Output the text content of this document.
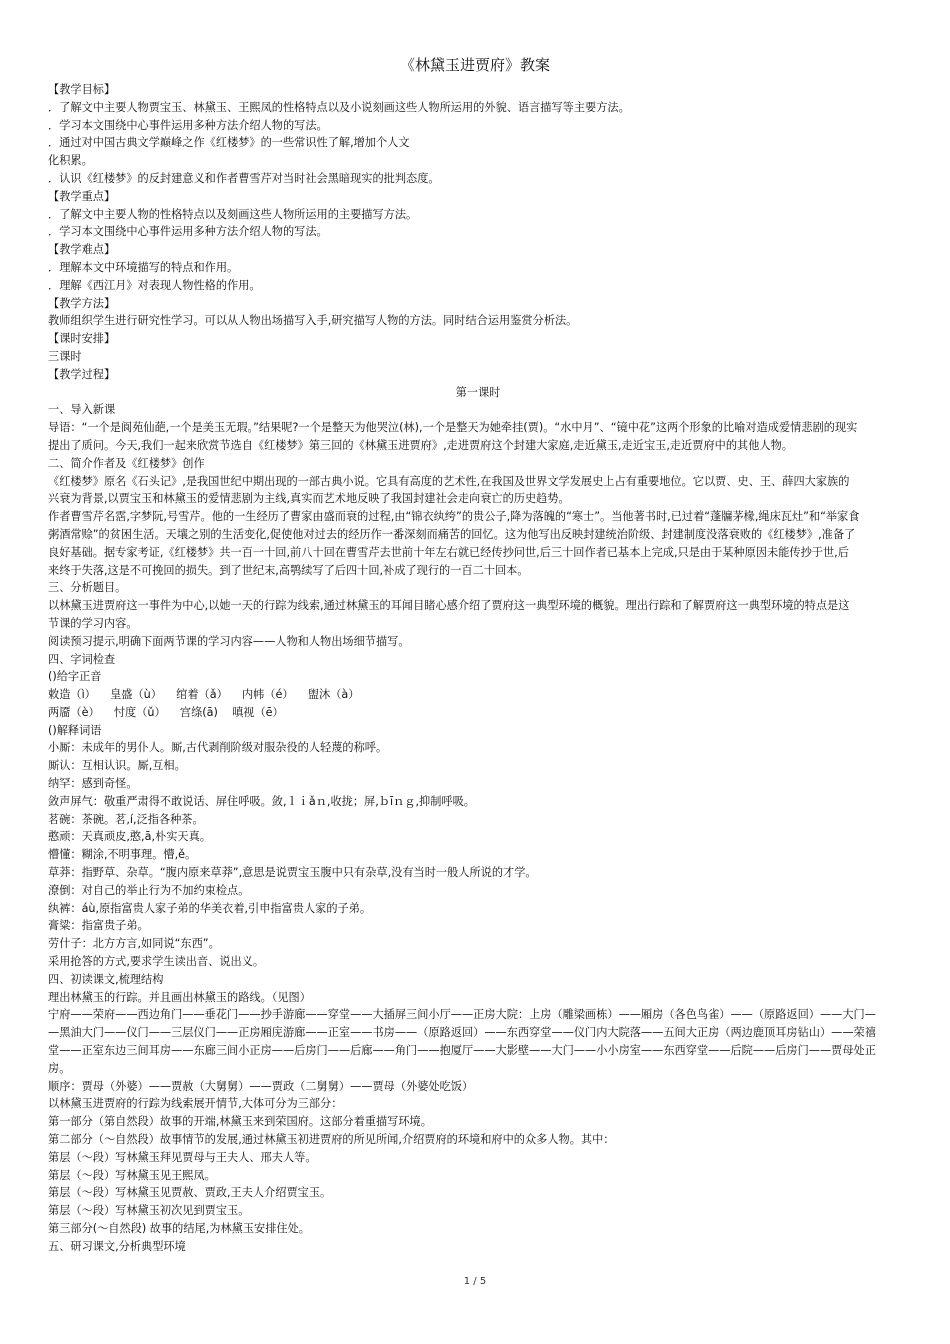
《林黛玉进贾府》教案
【教学目标】
．了解文中主要人物贾宝玉、林黛玉、王熙凤的性格特点以及小说刻画这些人物所运用的外貌、语言描写等主要方法。
．学习本文围绕中心事件运用多种方法介绍人物的写法。
．通过对中国古典文学巅峰之作《红楼梦》的一些常识性了解,增加个人文
化积累。
．认识《红楼梦》的反封建意义和作者曹雪芹对当时社会黑暗现实的批判态度。
【教学重点】
．了解文中主要人物的性格特点以及刻画这些人物所运用的主要描写方法。
．学习本文围绕中心事件运用多种方法介绍人物的写法。
【教学难点】
．理解本文中环境描写的特点和作用。
．理解《西江月》对表现人物性格的作用。
【教学方法】
教师组织学生进行研究性学习。可以从人物出场描写入手,研究描写人物的方法。同时结合运用鉴赏分析法。
【课时安排】
三课时
【教学过程】
第一课时
一、导入新课
导语：“一个是阆苑仙葩,一个是美玉无瑕。”结果呢?一个是整天为他哭泣(林),一个是整天为她牵挂(贾)。“水中月”、“镜中花”这两个形象的比喻对造成爱情悲剧的现实
提出了质问。今天,我们一起来欣赏节选自《红楼梦》第三回的《林黛玉进贾府》,走进贾府这个封建大家庭,走近黛玉,走近宝玉,走近贾府中的其他人物。
二、简介作者及《红楼梦》创作
《红楼梦》原名《石头记》,是我国世纪中期出现的一部古典小说。它具有高度的艺术性,在我国及世界文学发展史上占有重要地位。它以贾、史、王、薛四大家族的
兴衰为背景,以贾宝玉和林黛玉的爱情悲剧为主线,真实而艺术地反映了我国封建社会走向衰亡的历史趋势。
作者曹雪芹名霑,字梦阮,号雪芹。他的一生经历了曹家由盛而衰的过程,由“锦衣纨绔”的贵公子,降为落魄的“寒士”。当他著书时,已过着“蓬牖茅椽,绳床瓦灶”和“举家食
粥酒常赊”的贫困生活。天壤之别的生活变化,促使他对过去的经历作一番深刻而痛苦的回忆。这为他写出反映封建统治阶级、封建制度没落衰败的《红楼梦》,准备了
良好基础。据专家考证,《红楼梦》共一百一十回,前八十回在曹雪芹去世前十年左右就已经传抄问世,后三十回作者已基本上完成,只是由于某种原因未能传抄于世,后
来终于失落,这是不可挽回的损失。到了世纪末,高鹗续写了后四十回,补成了现行的一百二十回本。
三、分析题目。
以林黛玉进贾府这一事件为中心,以她一天的行踪为线索,通过林黛玉的耳闻目睹心感介绍了贾府这一典型环境的概貌。理出行踪和了解贾府这一典型环境的特点是这
节课的学习内容。
阅读预习提示,明确下面两节课的学习内容——人物和人物出场细节描写。
四、字词检查
()给字正音
敕造（ì）    皇盛（ù）    绾着（ǎ）    内帏（é）    盥沐（à）
两靥（è）    忖度（ǔ）    宫绦(ā)    嗔视（ē）
()解释词语
小厮：未成年的男仆人。厮,古代剥削阶级对服杂役的人轻蔑的称呼。
厮认：互相认识。厮,互相。
纳罕：感到奇怪。
敛声屏气：敬重严肃得不敢说话、屏住呼吸。敛,ｌｉǎｎ,收拢；屏,ｂīｎｇ,抑制呼吸。
茗碗：茶碗。茗,í,泛指各种茶。
憨顽：天真顽皮,憨,ā,朴实天真。
懵懂：糊涂,不明事理。懵,ě。
草莽：指野草、杂草。“腹内原来草莽”,意思是说贾宝玉腹中只有杂草,没有当时一般人所说的才学。
潦倒：对自己的举止行为不加约束检点。
纨裤：áù,原指富贵人家子弟的华美衣着,引申指富贵人家的子弟。
膏粱：指富贵子弟。
劳什子：北方方言,如同说“东西”。
采用抢答的方式,要求学生读出音、说出义。
四、初读课文,梳理结构
理出林黛玉的行踪。并且画出林黛玉的路线。（见图）
宁府——荣府——西边角门——垂花门——抄手游廊——穿堂——大插屏三间小厅——正房大院：上房（雕梁画栋）——厢房（各色鸟雀）——（原路返回）——大门—
—黑油大门——仪门——三层仪门——正房厢庑游廊——正室——书房——（原路返回）——东西穿堂——仪门内大院落——五间大正房（两边鹿顶耳房钻山）——荣禧
堂——正室东边三间耳房——东廊三间小正房——后房门——后廊——角门——抱厦厅——大影壁——大门——小小房室——东西穿堂——后院——后房门——贾母处正
房。
顺序：贾母（外婆）——贾赦（大舅舅）——贾政（二舅舅）——贾母（外婆处吃饭）
以林黛玉进贾府的行踪为线索展开情节,大体可分为三部分：
第一部分（第自然段）故事的开端,林黛玉来到荣国府。这部分着重描写环境。
第二部分（～自然段）故事情节的发展,通过林黛玉初进贾府的所见所闻,介绍贾府的环境和府中的众多人物。其中：
第层（～段）写林黛玉拜见贾母与王夫人、邢夫人等。
第层（～段）写林黛玉见王熙凤。
第层（～段）写林黛玉见贾赦、贾政,王夫人介绍贾宝玉。
第层（～段）写林黛玉初次见到贾宝玉。
第三部分(～自然段) 故事的结尾,为林黛玉安排住处。
五、研习课文,分析典型环境
1 / 5
